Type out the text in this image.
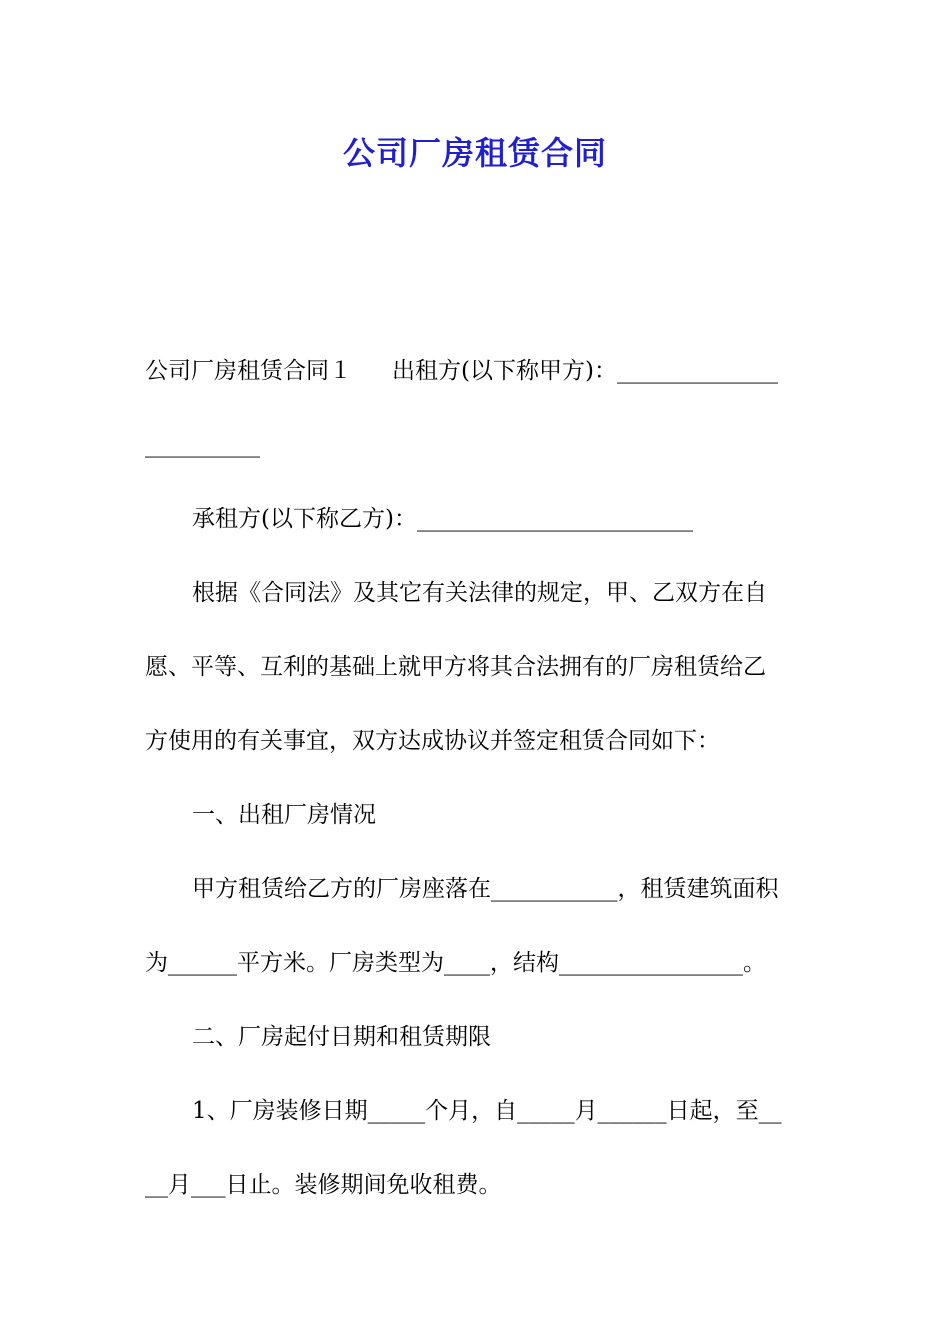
公司厂房租赁合同

公司厂房租赁合同１ 出租方(以下称甲方)：______________

__________

承租方(以下称乙方)：________________________

根据《合同法》及其它有关法律的规定，甲、乙双方在自

愿、平等、互利的基础上就甲方将其合法拥有的厂房租赁给乙

方使用的有关事宜，双方达成协议并签定租赁合同如下：

一、出租厂房情况

甲方租赁给乙方的厂房座落在___________，租赁建筑面积

为______平方米。厂房类型为____，结构________________。

二、厂房起付日期和租赁期限

1、厂房装修日期_____个月，自_____月______日起，至__

__月___日止。装修期间免收租费。
